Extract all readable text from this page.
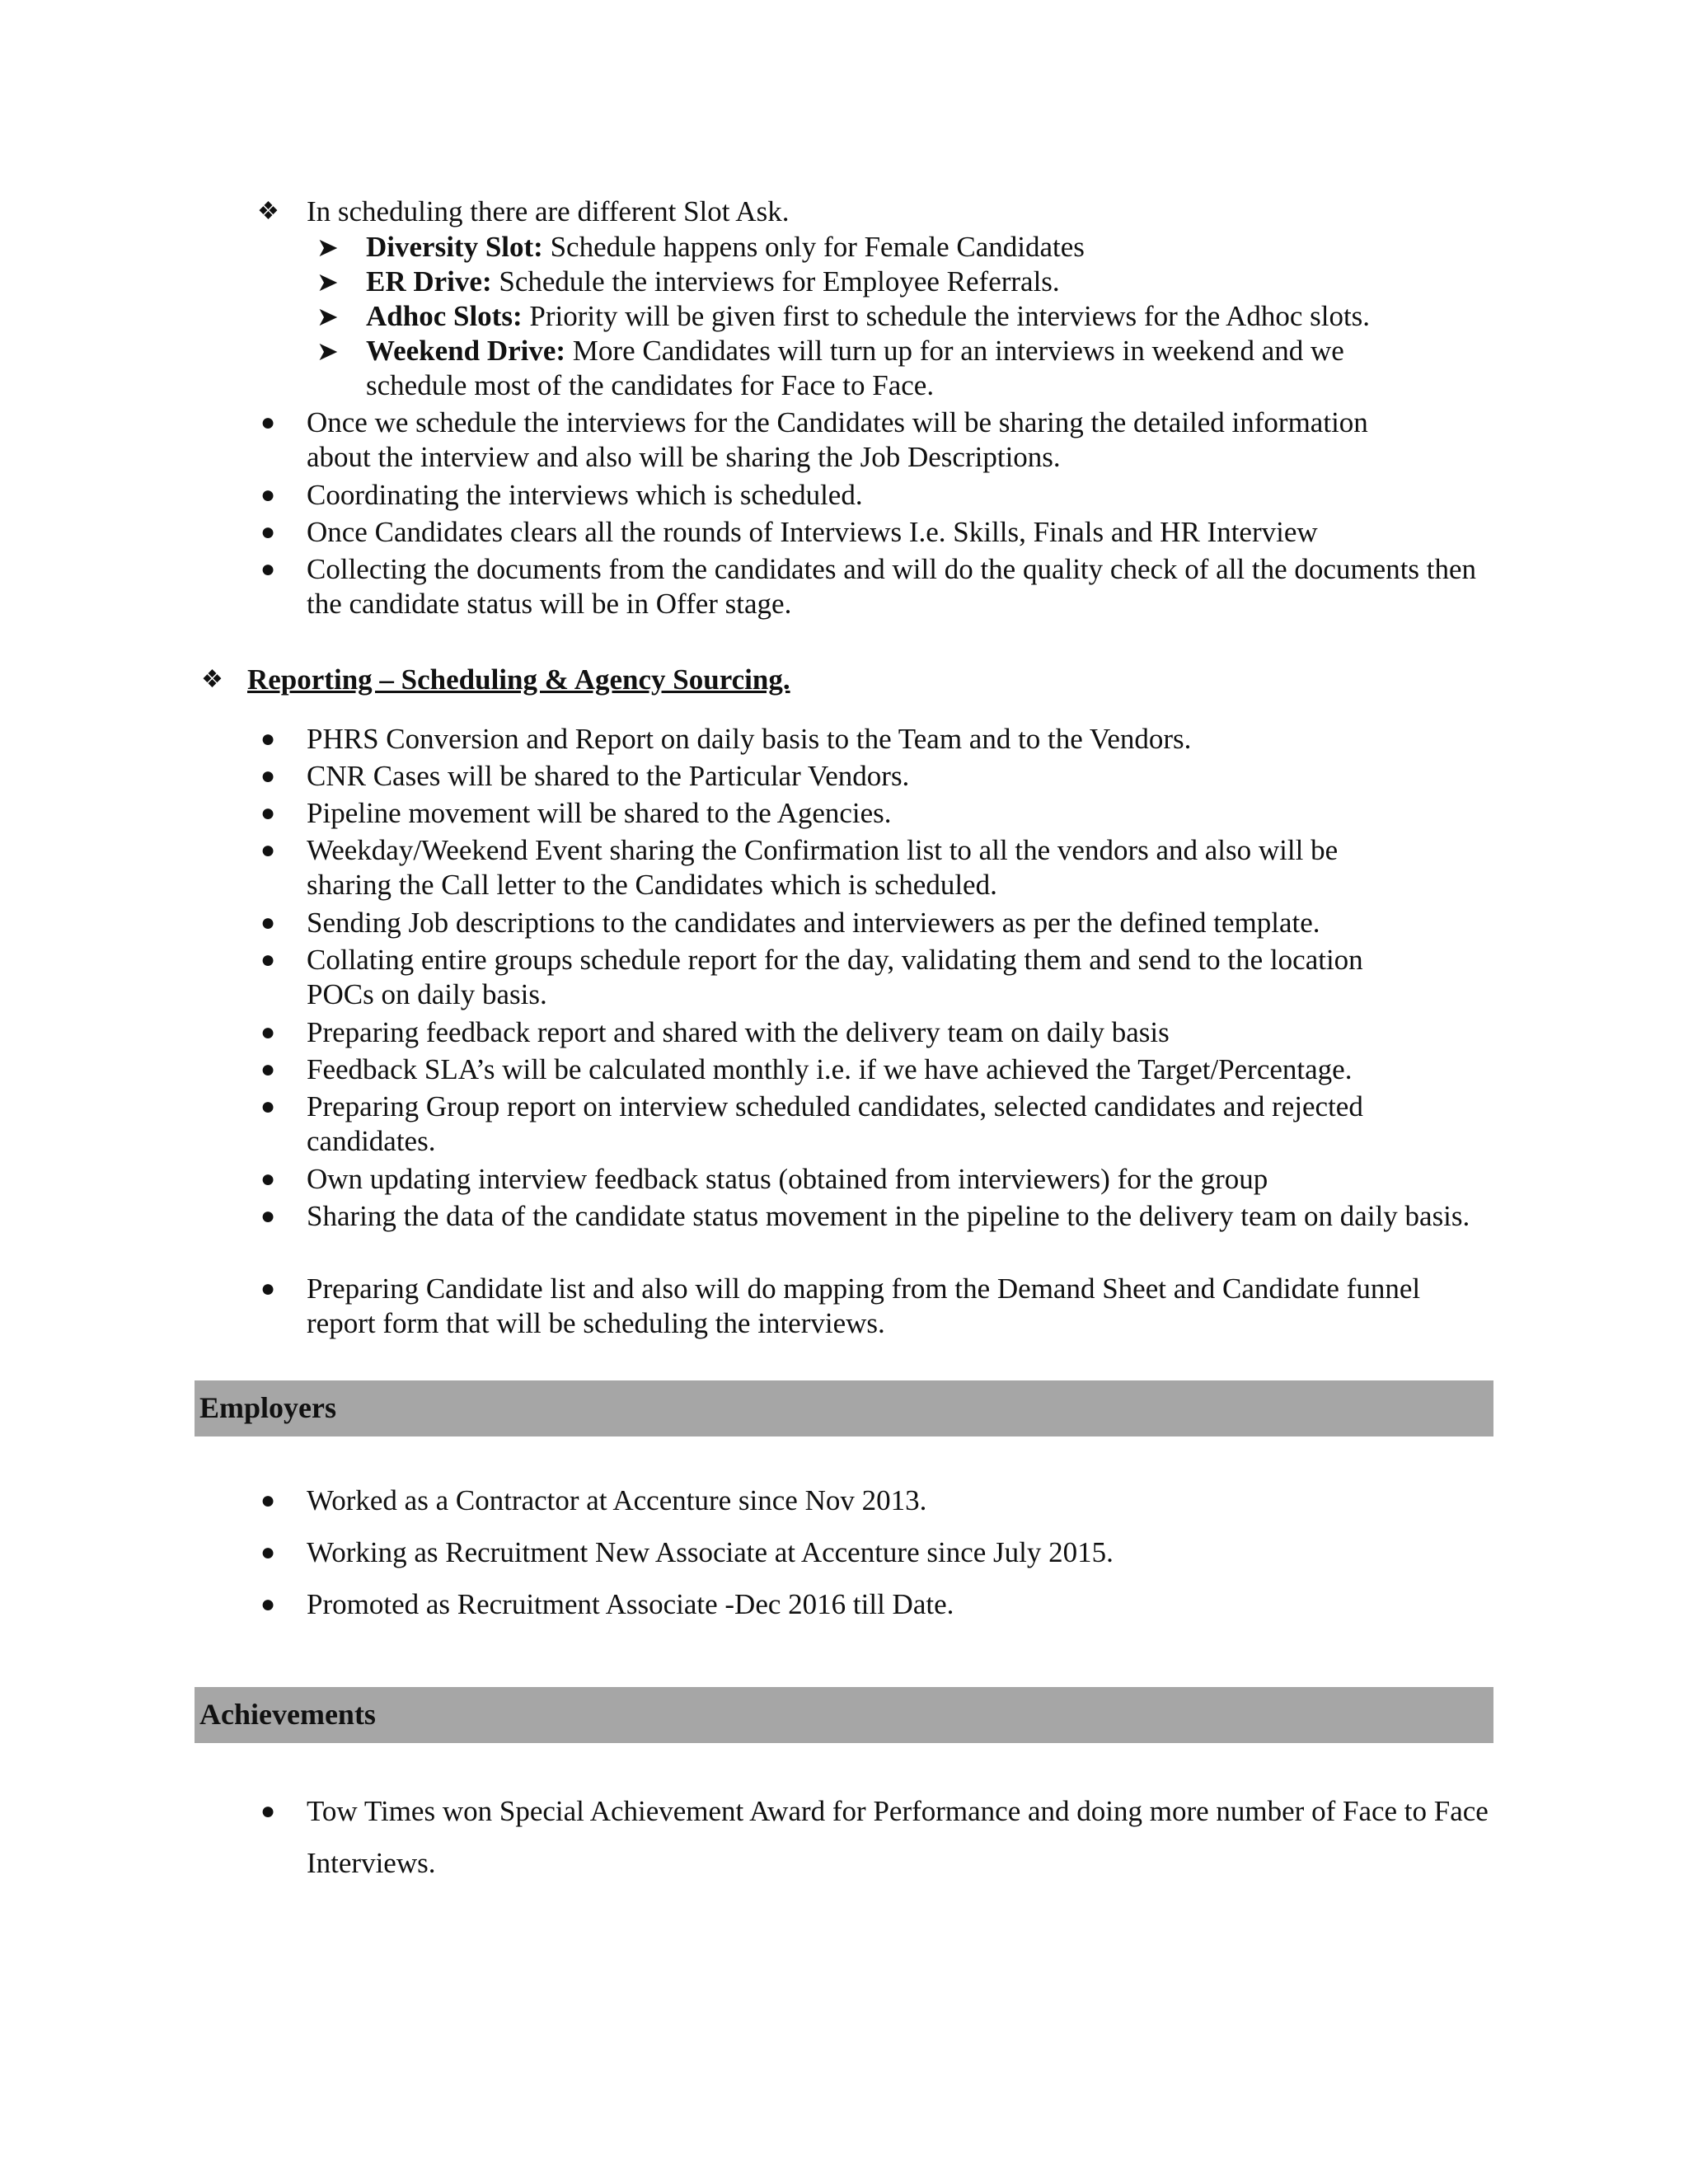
❖ In scheduling there are different Slot Ask.
➤ Diversity Slot: Schedule happens only for Female Candidates
➤ ER Drive: Schedule the interviews for Employee Referrals.
➤ Adhoc Slots: Priority will be given first to schedule the interviews for the Adhoc slots.
➤ Weekend Drive: More Candidates will turn up for an interviews in weekend and we schedule most of the candidates for Face to Face.
● Once we schedule the interviews for the Candidates will be sharing the detailed information about the interview and also will be sharing the Job Descriptions.
● Coordinating the interviews which is scheduled.
● Once Candidates clears all the rounds of Interviews I.e. Skills, Finals and HR Interview
● Collecting the documents from the candidates and will do the quality check of all the documents then the candidate status will be in Offer stage.
❖ Reporting – Scheduling & Agency Sourcing.
● PHRS Conversion and Report on daily basis to the Team and to the Vendors.
● CNR Cases will be shared to the Particular Vendors.
● Pipeline movement will be shared to the Agencies.
● Weekday/Weekend Event sharing the Confirmation list to all the vendors and also will be sharing the Call letter to the Candidates which is scheduled.
● Sending Job descriptions to the candidates and interviewers as per the defined template.
● Collating entire groups schedule report for the day, validating them and send to the location POCs on daily basis.
● Preparing feedback report and shared with the delivery team on daily basis
● Feedback SLA’s will be calculated monthly i.e. if we have achieved the Target/Percentage.
● Preparing Group report on interview scheduled candidates, selected candidates and rejected candidates.
● Own updating interview feedback status (obtained from interviewers) for the group
● Sharing the data of the candidate status movement in the pipeline to the delivery team on daily basis.
● Preparing Candidate list and also will do mapping from the Demand Sheet and Candidate funnel report form that will be scheduling the interviews.
Employers
● Worked as a Contractor at Accenture since Nov 2013.
● Working as Recruitment New Associate at Accenture since July 2015.
● Promoted as Recruitment Associate -Dec 2016 till Date.
Achievements
● Tow Times won Special Achievement Award for Performance and doing more number of Face to Face Interviews.
